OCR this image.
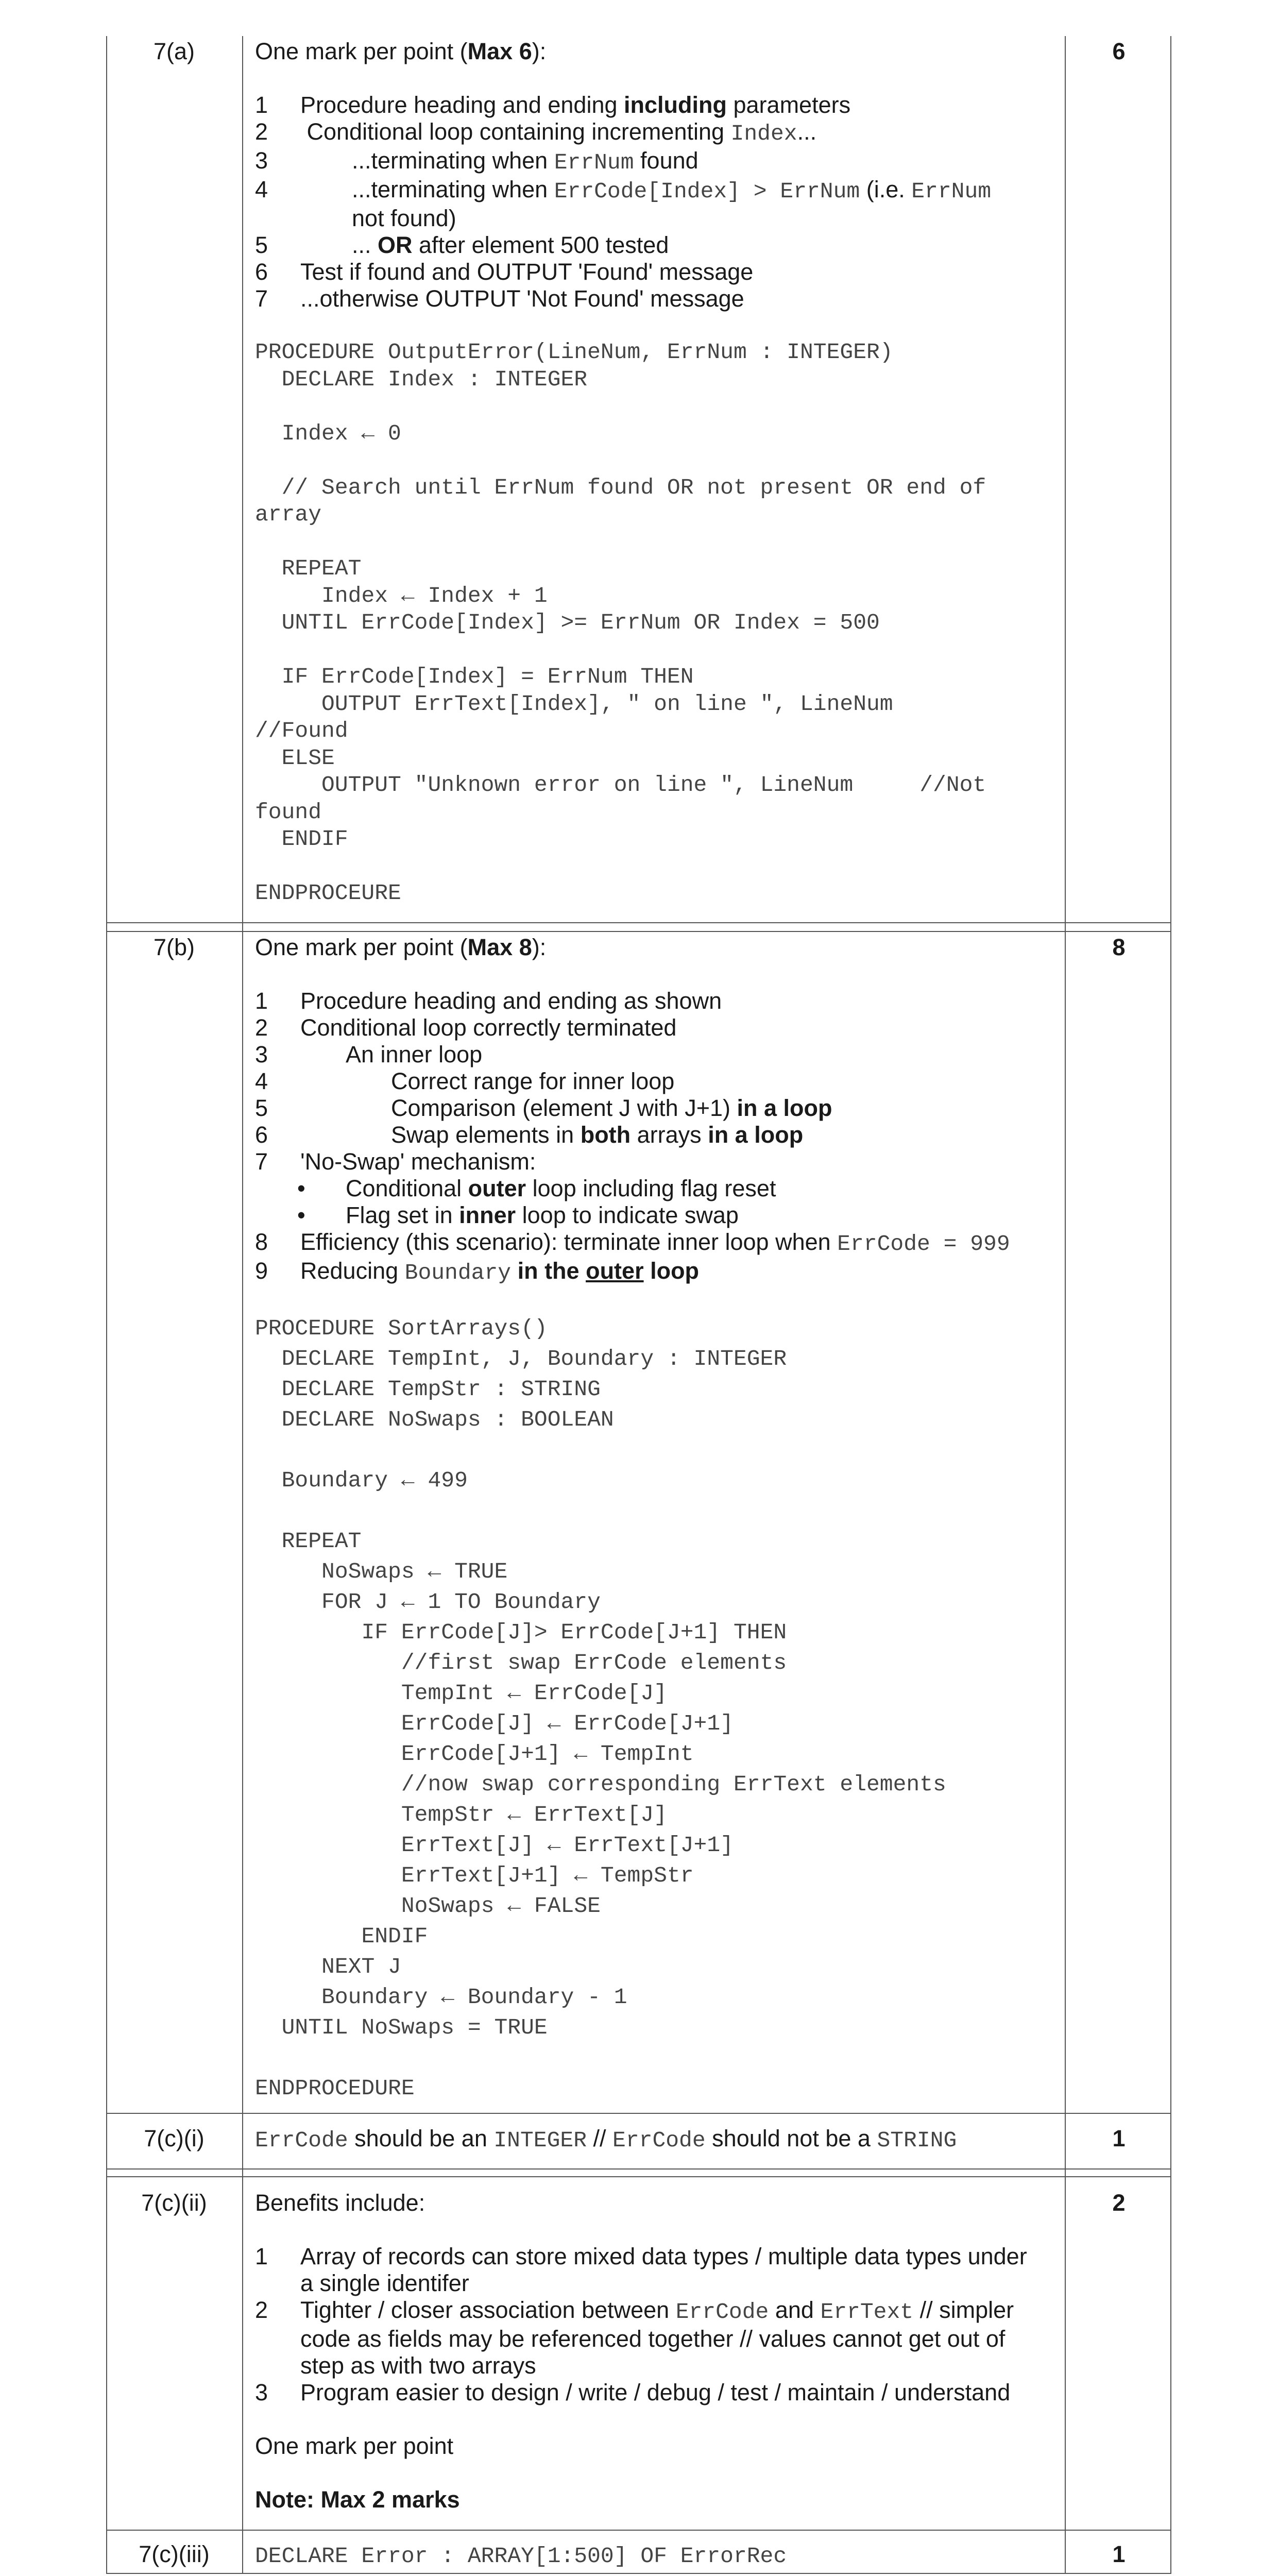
7(a)	6
One mark per point (Max 6):
1 Procedure heading and ending including parameters
2 Conditional loop containing incrementing Index...
3 ...terminating when ErrNum found
4 ...terminating when ErrCode[Index] > ErrNum (i.e. ErrNum
not found)
5 ... OR after element 500 tested
6 Test if found and OUTPUT 'Found' message
7 ...otherwise OUTPUT 'Not Found' message
PROCEDURE OutputError(LineNum, ErrNum : INTEGER)
DECLARE Index : INTEGER

Index ← 0

// Search until ErrNum found OR not present OR end of
array

REPEAT
Index ← Index + 1
UNTIL ErrCode[Index] >= ErrNum OR Index = 500

IF ErrCode[Index] = ErrNum THEN
OUTPUT ErrText[Index], " on line ", LineNum
//Found
ELSE
OUTPUT "Unknown error on line ", LineNum     //Not
found
ENDIF

ENDPROCEURE
7(b)	8
One mark per point (Max 8):
1 Procedure heading and ending as shown
2 Conditional loop correctly terminated
3	An inner loop
4	Correct range for inner loop
5	Comparison (element J with J+1) in a loop
6	Swap elements in both arrays in a loop
7 'No-Swap' mechanism:
• Conditional outer loop including flag reset
• Flag set in inner loop to indicate swap
8 Efficiency (this scenario): terminate inner loop when ErrCode = 999
9 Reducing Boundary in the outer loop
PROCEDURE SortArrays()
DECLARE TempInt, J, Boundary : INTEGER
DECLARE TempStr : STRING
DECLARE NoSwaps : BOOLEAN

Boundary ← 499

REPEAT
NoSwaps ← TRUE
FOR J ← 1 TO Boundary
IF ErrCode[J]> ErrCode[J+1] THEN
//first swap ErrCode elements
TempInt ← ErrCode[J]
ErrCode[J] ← ErrCode[J+1]
ErrCode[J+1] ← TempInt
//now swap corresponding ErrText elements
TempStr ← ErrText[J]
ErrText[J] ← ErrText[J+1]
ErrText[J+1] ← TempStr
NoSwaps ← FALSE
ENDIF
NEXT J
Boundary ← Boundary - 1
UNTIL NoSwaps = TRUE

ENDPROCEDURE
7(c)(i)	1
ErrCode should be an INTEGER // ErrCode should not be a STRING
7(c)(ii)	2
Benefits include:
1 Array of records can store mixed data types / multiple data types under
a single identifer
2 Tighter / closer association between ErrCode and ErrText // simpler
code as fields may be referenced together // values cannot get out of
step as with two arrays
3 Program easier to design / write / debug / test / maintain / understand
One mark per point
Note: Max 2 marks
7(c)(iii)	1
DECLARE Error : ARRAY[1:500] OF ErrorRec
